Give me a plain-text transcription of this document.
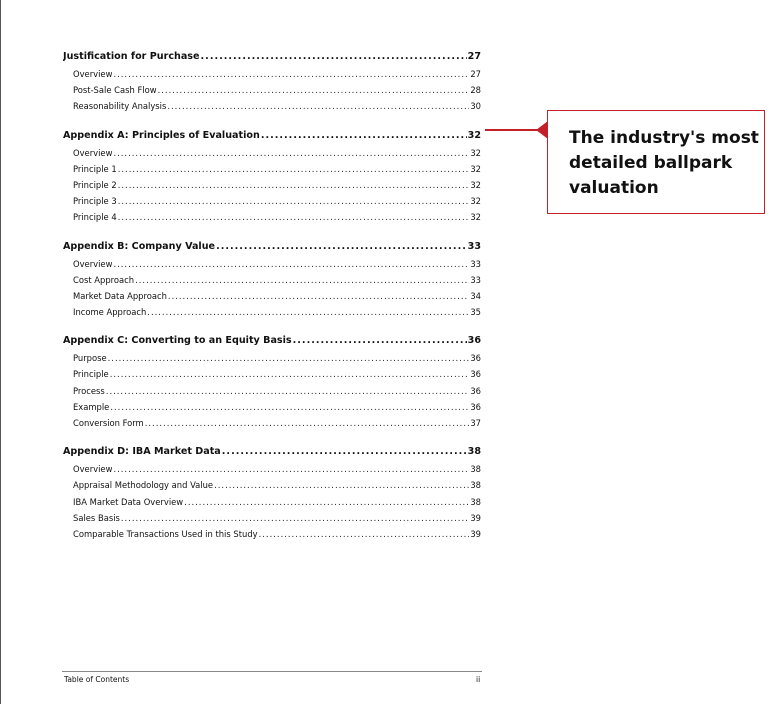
Justification for Purchase .....	27
Overview .....	27
Post-Sale Cash Flow .....	28
Reasonability Analysis .....	30
Appendix A: Principles of Evaluation .....	32
Overview .....	32
Principle 1 .....	32
Principle 2 .....	32
Principle 3 .....	32
Principle 4 .....	32
Appendix B: Company Value .....	33
Overview .....	33
Cost Approach .....	33
Market Data Approach .....	34
Income Approach .....	35
Appendix C: Converting to an Equity Basis .....	36
Purpose .....	36
Principle .....	36
Process .....	36
Example .....	36
Conversion Form .....	37
Appendix D: IBA Market Data .....	38
Overview .....	38
Appraisal Methodology and Value .....	38
IBA Market Data Overview .....	38
Sales Basis .....	39
Comparable Transactions Used in this Study .....	39
Table of Contents	ii
The industry's most detailed ballpark valuation
